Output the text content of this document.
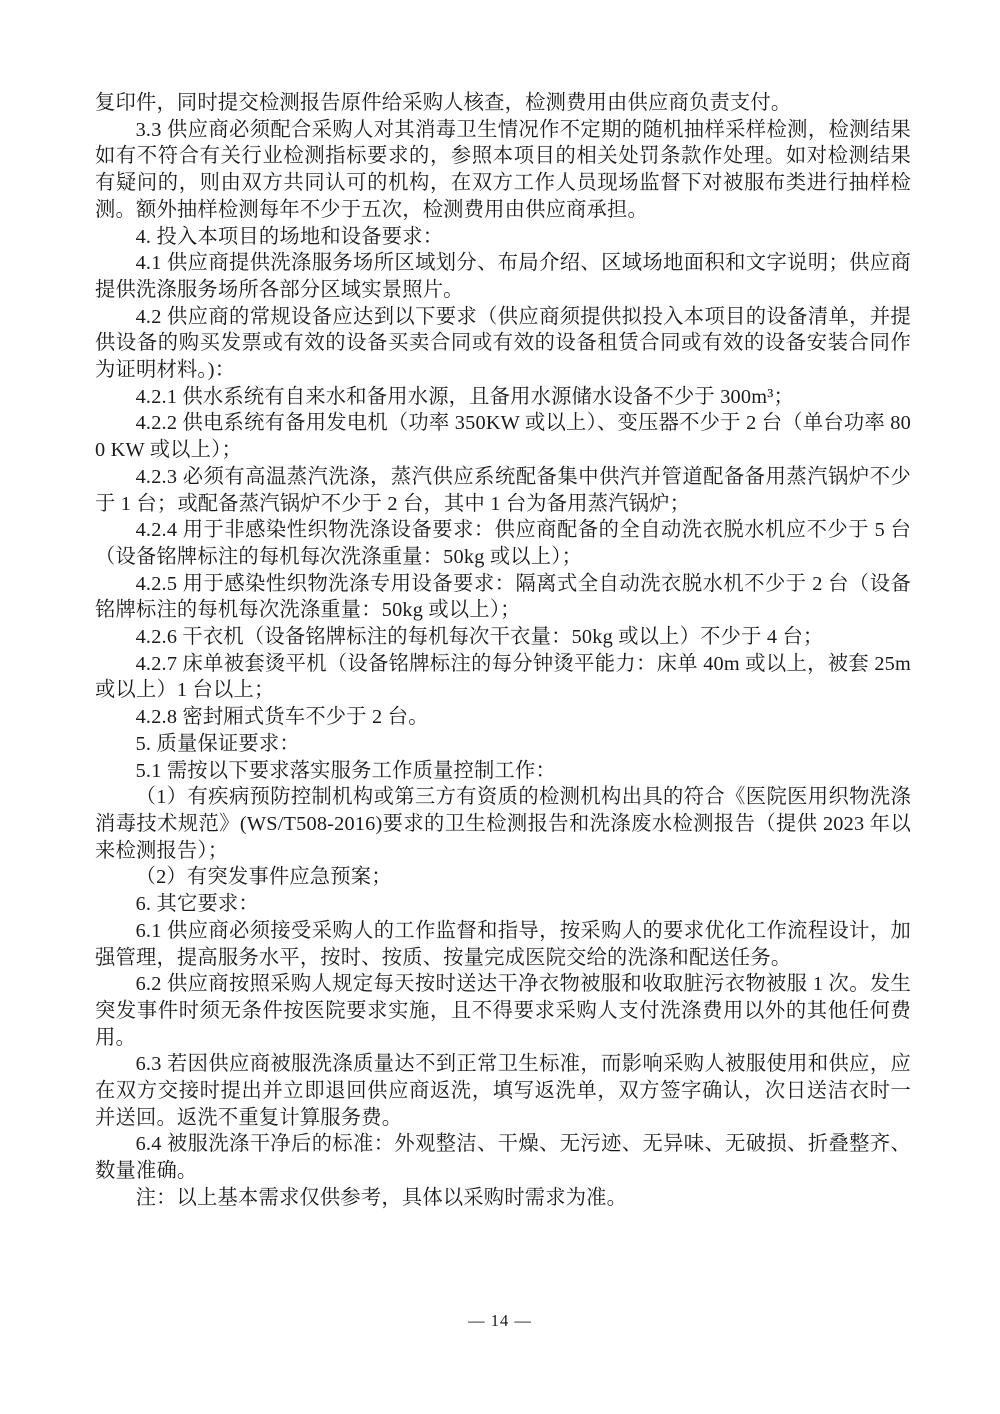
复印件，同时提交检测报告原件给采购人核查，检测费用由供应商负责支付。

3.3 供应商必须配合采购人对其消毒卫生情况作不定期的随机抽样采样检测，检测结果如有不符合有关行业检测指标要求的，参照本项目的相关处罚条款作处理。如对检测结果有疑问的，则由双方共同认可的机构，在双方工作人员现场监督下对被服布类进行抽样检测。额外抽样检测每年不少于五次，检测费用由供应商承担。

4. 投入本项目的场地和设备要求：

4.1 供应商提供洗涤服务场所区域划分、布局介绍、区域场地面积和文字说明；供应商提供洗涤服务场所各部分区域实景照片。

4.2 供应商的常规设备应达到以下要求（供应商须提供拟投入本项目的设备清单，并提供设备的购买发票或有效的设备买卖合同或有效的设备租赁合同或有效的设备安装合同作为证明材料。)：

4.2.1 供水系统有自来水和备用水源，且备用水源储水设备不少于 300m³；

4.2.2 供电系统有备用发电机（功率 350KW 或以上）、变压器不少于 2 台（单台功率 800 KW 或以上）；

4.2.3 必须有高温蒸汽洗涤，蒸汽供应系统配备集中供汽并管道配备备用蒸汽锅炉不少于 1 台；或配备蒸汽锅炉不少于 2 台，其中 1 台为备用蒸汽锅炉；

4.2.4 用于非感染性织物洗涤设备要求：供应商配备的全自动洗衣脱水机应不少于 5 台（设备铭牌标注的每机每次洗涤重量：50kg 或以上）；

4.2.5 用于感染性织物洗涤专用设备要求：隔离式全自动洗衣脱水机不少于 2 台（设备铭牌标注的每机每次洗涤重量：50kg 或以上）；

4.2.6 干衣机（设备铭牌标注的每机每次干衣量：50kg 或以上）不少于 4 台；

4.2.7 床单被套烫平机（设备铭牌标注的每分钟烫平能力：床单 40m 或以上，被套 25m 或以上）1 台以上；

4.2.8 密封厢式货车不少于 2 台。

5. 质量保证要求：

5.1 需按以下要求落实服务工作质量控制工作：

（1）有疾病预防控制机构或第三方有资质的检测机构出具的符合《医院医用织物洗涤消毒技术规范》(WS/T508-2016)要求的卫生检测报告和洗涤废水检测报告（提供 2023 年以来检测报告）；

（2）有突发事件应急预案；

6. 其它要求：

6.1 供应商必须接受采购人的工作监督和指导，按采购人的要求优化工作流程设计，加强管理，提高服务水平，按时、按质、按量完成医院交给的洗涤和配送任务。

6.2 供应商按照采购人规定每天按时送达干净衣物被服和收取脏污衣物被服 1 次。发生突发事件时须无条件按医院要求实施，且不得要求采购人支付洗涤费用以外的其他任何费用。

6.3 若因供应商被服洗涤质量达不到正常卫生标准，而影响采购人被服使用和供应，应在双方交接时提出并立即退回供应商返洗，填写返洗单，双方签字确认，次日送洁衣时一并送回。返洗不重复计算服务费。

6.4 被服洗涤干净后的标准：外观整洁、干燥、无污迹、无异味、无破损、折叠整齐、数量准确。

注：以上基本需求仅供参考，具体以采购时需求为准。

— 14 —
